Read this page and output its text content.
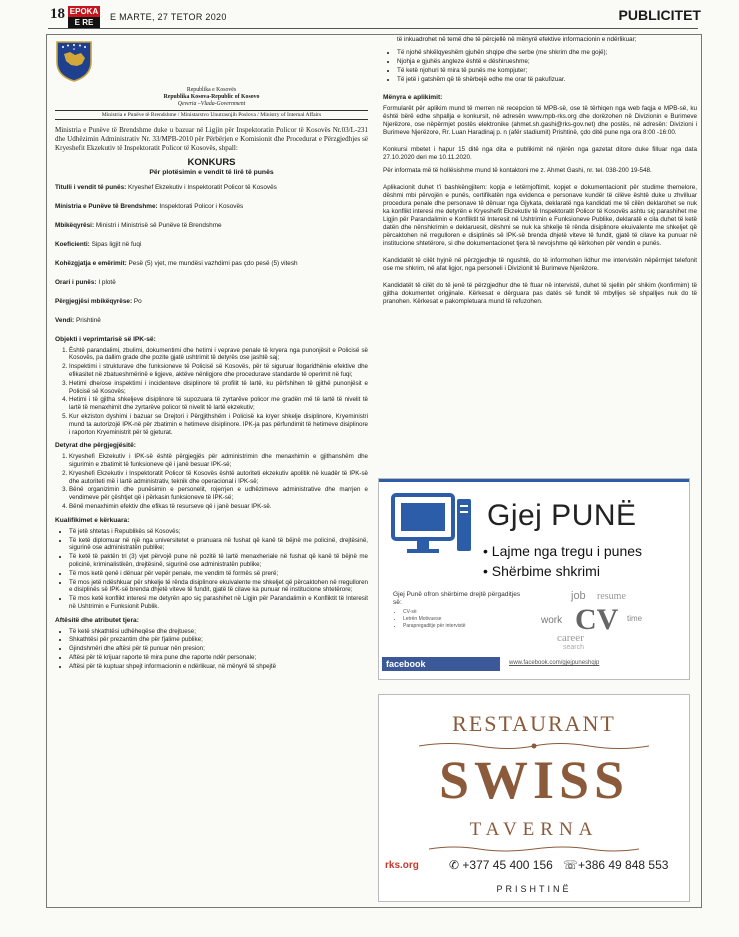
18 EPOKA
E RE
E MARTE, 27 TETOR 2020	PUBLICITET
Republika e Kosovës
Republika Kosova-Republic of Kosovo
Qeveria –Vlada-Government
Ministria e Punëve të Brendshme / Ministarstvo Unutrasnjih Poslova / Ministry of Internal Affairs

Ministria e Punëve të Brendshme duke u bazuar në Ligjin për Inspektoratin Policor të Kosovës Nr.03/L-231 dhe Udhëzimin Administrativ Nr. 33/MPB-2010 për Përbërjen e Komisionit dhe Procedurat e Përzgjedhjes së Kryeshefit Ekzekutiv të Inspektoratit Policor të Kosovës, shpall:

KONKURS
Për plotësimin e vendit të lirë të punës
Titulli i vendit të punës: Kryeshef Ekzekutiv i Inspektoratit Policor të Kosovës
Ministria e Punëve të Brendshme: Inspektorati Policor i Kosovës
Mbikëqyrësi: Ministri i Ministrisë së Punëve të Brendshme
Koeficienti: Sipas ligjit në fuqi
Kohëzgjatja e emërimit: Pesë (5) vjet, me mundësi vazhdimi pas çdo pesë (5) vitesh
Orari i punës: I plotë
Përgjegjësi mbikëqyrëse: Po
Vendi: Prishtinë
Objekti i veprimtarisë së IPK-së:
1. Është parandalimi, zbulimi, dokumentimi dhe hetimi i veprave penale të kryera nga punonjësit e Policisë së Kosovës, pa dallim grade dhe pozite gjatë ushtrimit të detyrës ose jashtë saj;
2. Inspektimi i strukturave dhe funksioneve të Policisë së Kosovës, për të siguruar llogaridhënie efektive dhe efikasitet në zbatueshmërinë e ligjeve, aktëve nënligjore dhe procedurave standarde të operimit në fuqi;
3. Hetimi dhe/ose inspektimi i incidenteve disiplinore të profilit të lartë, ku përfshihen të gjithë punonjësit e Policisë së Kosovës;
4. Hetimi i të gjitha shkeljeve disiplinore të supozuara të zyrtarëve policor me gradën më të lartë të nivelit të lartë të menaxhimit dhe zyrtarëve policor të nivelit të lartë ekzekutiv;
5. Kur ekziston dyshimi i bazuar se Drejtori i Përgjithshëm i Policisë ka kryer shkelje disiplinore, Kryeministri mund ta autorizojë IPK-në për zbatimin e hetimeve disiplinore. IPK-ja pas përfundimit të hetimeve disiplinore i raporton Kryeministrit për të gjeturat.
Detyrat dhe përgjegjësitë:
1. Kryeshefi Ekzekutiv i IPK-së është përgjegjës për administrimin dhe menaxhimin e gjithanshëm dhe sigurimin e zbatimit të funksioneve që i janë besuar IPK-së;
2. Kryeshefi Ekzekutiv i Inspektoratit Policor të Kosovës është autoriteti ekzekutiv apolitik në kuadër të IPK-së dhe autoriteti më i lartë administrativ, teknik dhe operacional i IPK-së;
3. Bënë organizimin dhe punësimin e personelit, rojerrjen e udhëzimeve administrative dhe marrjen e vendimeve për çështjet që i përkasin funksioneve të IPK-së;
4. Bënë menaxhimin efektiv dhe efikas të resurseve që i janë besuar IPK-së.
Kualifikimet e kërkuara:
• Të jetë shtetas i Republikës së Kosovës;
• Të ketë diplomuar në një nga universitetet e pranuara në fushat që kanë të bëjnë me policinë, drejtësinë, sigurinë ose administratën publike;
• Të ketë të paktën tri (3) vjet përvojë pune në pozitë të lartë menaxheriale në fushat që kanë të bëjnë me policinë, kriminalistikën, drejtësinë, sigurinë ose administratën publike;
• Të mos ketë qenë i dënuar për vepër penale, me vendim të formës së prerë;
• Të mos jetë ndëshkuar për shkelje të rënda disiplinore ekuivalente me shkeljet që përcaktohen në rregulloren e disiplinës së IPK-së brenda dhjetë viteve të fundit, gjatë të cilave ka punuar në institucione shtetërore;
• Të mos ketë konflikt interesi me detyrën apo siç parashihet në Ligjin për Parandalimin e Konfliktit të Interesit në Ushtrimin e Funksionit Publik.
Aftësitë dhe atributet tjera:
• Të ketë shkathtësi udhëheqëse dhe drejtuese;
• Shkathtësi për prezantim dhe për fjalime publike;
• Gjindshmëri dhe aftësi për të punuar nën presion;
• Aftësi për të krijuar raporte të mira pune dhe raporte ndër personale;
• Aftësi për të kuptuar shpejt informacionin e ndërlikuar, në mënyrë të shpejtë

të inkuadrohet në temë dhe të përcjellë në mënyrë efektive informacionin e ndërlikuar;

• Të njohë shkëlqyeshëm gjuhën shqipe dhe serbe (me shkrim dhe me gojë);
• Njohja e gjuhës angleze është e dëshirueshme;
• Të ketë njohuri të mira të punës me kompjuter;
• Të jetë i gatshëm që të shërbejë edhe me orar të pakufizuar.
Mënyra e aplikimit:

Formularët për aplikim mund të merren në recepcion të MPB-së, ose të tërhiqen nga web faqja e MPB-së, ku është bërë edhe shpallja e konkursit, në adresën www.mpb-rks.org dhe dorëzohen në Divizionin e Burimeve Njerëzore, ose nëpërmjet postës elektronike (ahmet.sh.gashi@rks-gov.net) dhe postës, në adresën: Divizioni i Burimeve Njerëzore, Rr. Luan Haradinaj p. n (afër stadiumit) Prishtinë, çdo ditë pune nga ora 8:00 -16:00.

Konkursi mbetet i hapur 15 ditë nga dita e publikimit në njërën nga gazetat ditore duke filluar nga data 27.10.2020 deri me 10.11.2020.

Për informata më të hollësishme mund të kontaktoni me z. Ahmet Gashi, nr. tel. 038-200 19-548.

Aplikacionit duhet t'i bashkëngjitem: kopja e letërnjoftimit, kopjet e dokumentacionit për studime themelore, dëshmi mbi përvojën e punës, certifikatën nga evidenca e personave kundër të cilëve është duke u zhvilluar procedura penale dhe personave të dënuar nga Gjykata, deklaratë nga kandidati me të cilën deklarohet se nuk ka konflikt interesi me detyrën e Kryeshefit Ekzekutiv të Inspektoratit Policor të Kosovës ashtu siç parashihet me Ligjin për Parandalimin e Konfliktit të Interesit në Ushtrimin e Funksioneve Publike, deklaratë e cila duhet të ketë datën dhe nënshkrimin e deklaruesit, dëshmi se nuk ka shkelje të rënda disiplinore ekuivalente me shkeljet që përcaktohen në rregulloren e disiplinës së IPK-së brenda dhjetë viteve të fundit, gjatë të cilave ka punuar në institucione shtetërore, si dhe dokumentacionet tjera të nevojshme që kërkohen për vendin e punës.

Kandidatët të cilët hyjnë në përzgjedhje të ngushtë, do të informohen lidhur me intervistën nëpërmjet telefonit ose me shkrim, në afat ligjor, nga personeli i Divizionit të Burimeve Njerëzore.

Kandidatët të cilët do të jenë të përzgjedhur dhe të ftuar në intervistë, duhet të sjellin për shikim (konfirmim) të gjitha dokumentet origjinale. Kërkesat e dërguara pas datës së fundit të mbylljes së shpalljes nuk do të pranohen. Kërkesat e pakompletuara mund të refuzohen.

Gjej PUNË
• Lajme nga tregu i punes
• Shërbime shkrimi
Gjej Punë ofron shërbime drejtë përgaditjes së:
• CV-së
• Letrën Motivuese
• Parapregaditje për intervistë
job resume
work	time
CV
career
search
facebook	www.facebook.com/gjejpuneshqip
RESTAURANT
SWISS
TAVERNA
rks.org	✆ +377 45 400 156 ☏+386 49 848 553
PRISHTINË
